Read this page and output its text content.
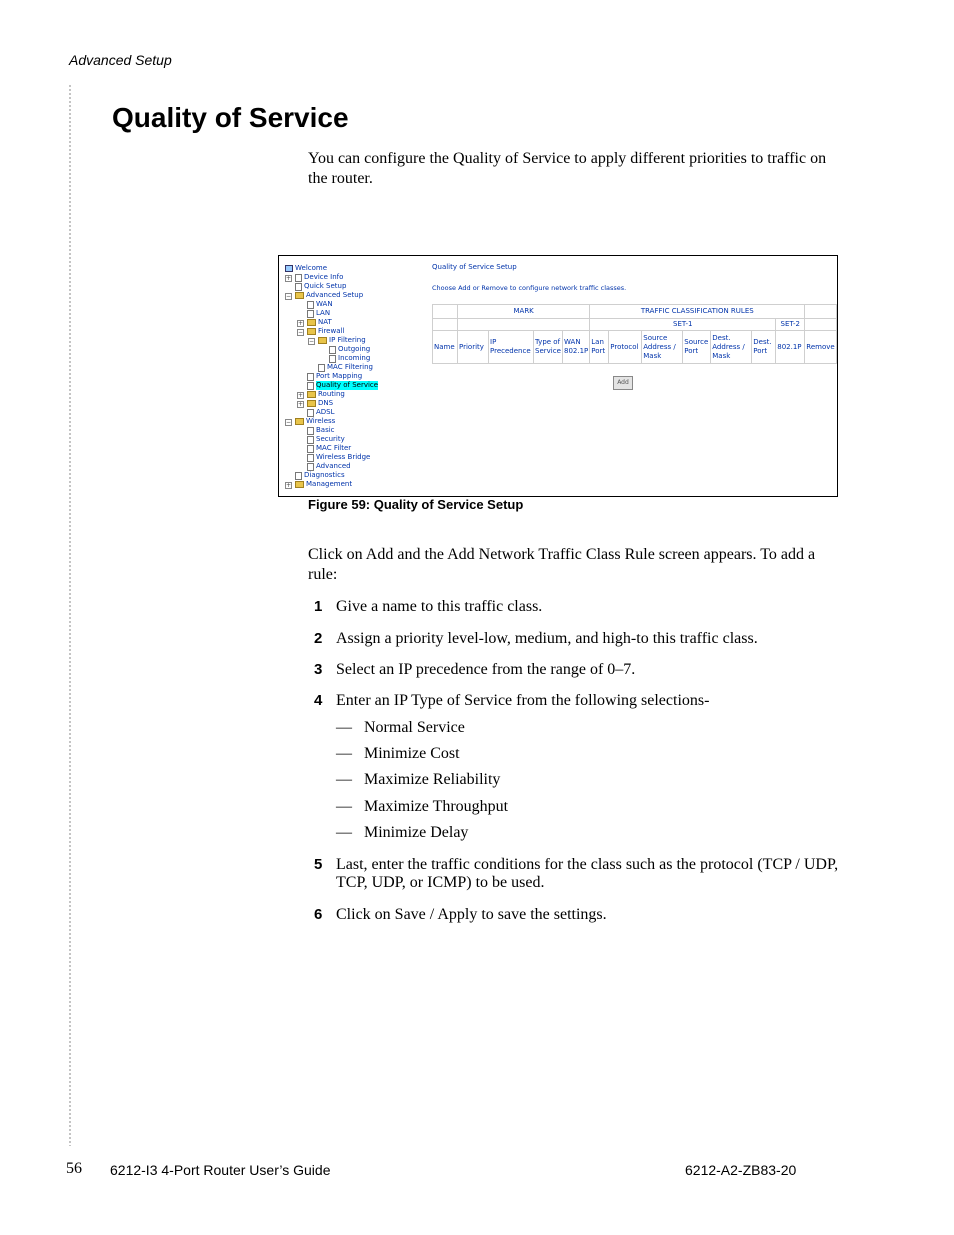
Advanced Setup
Quality of Service

You can configure the Quality of Service to apply different priorities to traffic on the router.

Welcome
+ Device Info
Quick Setup
− Advanced Setup
WAN
LAN
+ NAT
− Firewall
− IP Filtering
Outgoing
Incoming
MAC Filtering
Port Mapping
Quality of Service
+ Routing
+ DNS
ADSL
− Wireless
Basic
Security
MAC Filter
Wireless Bridge
Advanced
Diagnostics
+ Management
Quality of Service Setup
Choose Add or Remove to configure network traffic classes.
	MARK				TRAFFIC CLASSIFICATION RULES							
					SET-1						SET-2	
Name	Priority	IP Precedence	Type of Service	WAN 802.1P	Lan Port	Protocol	Source Address / Mask	Source Port	Dest. Address / Mask	Dest. Port	802.1P	Remove
Add
Figure 59: Quality of Service Setup

Click on Add and the Add Network Traffic Class Rule screen appears. To add a rule:

1 Give a name to this traffic class.
2 Assign a priority level-low, medium, and high-to this traffic class.
3 Select an IP precedence from the range of 0–7.
4 Enter an IP Type of Service from the following selections-
— Normal Service
— Minimize Cost
— Maximize Reliability
— Maximize Throughput
— Minimize Delay
5 Last, enter the traffic conditions for the class such as the protocol (TCP / UDP, TCP, UDP, or ICMP) to be used.
6 Click on Save / Apply to save the settings.
56 6212-I3 4-Port Router User’s Guide	6212-A2-ZB83-20
